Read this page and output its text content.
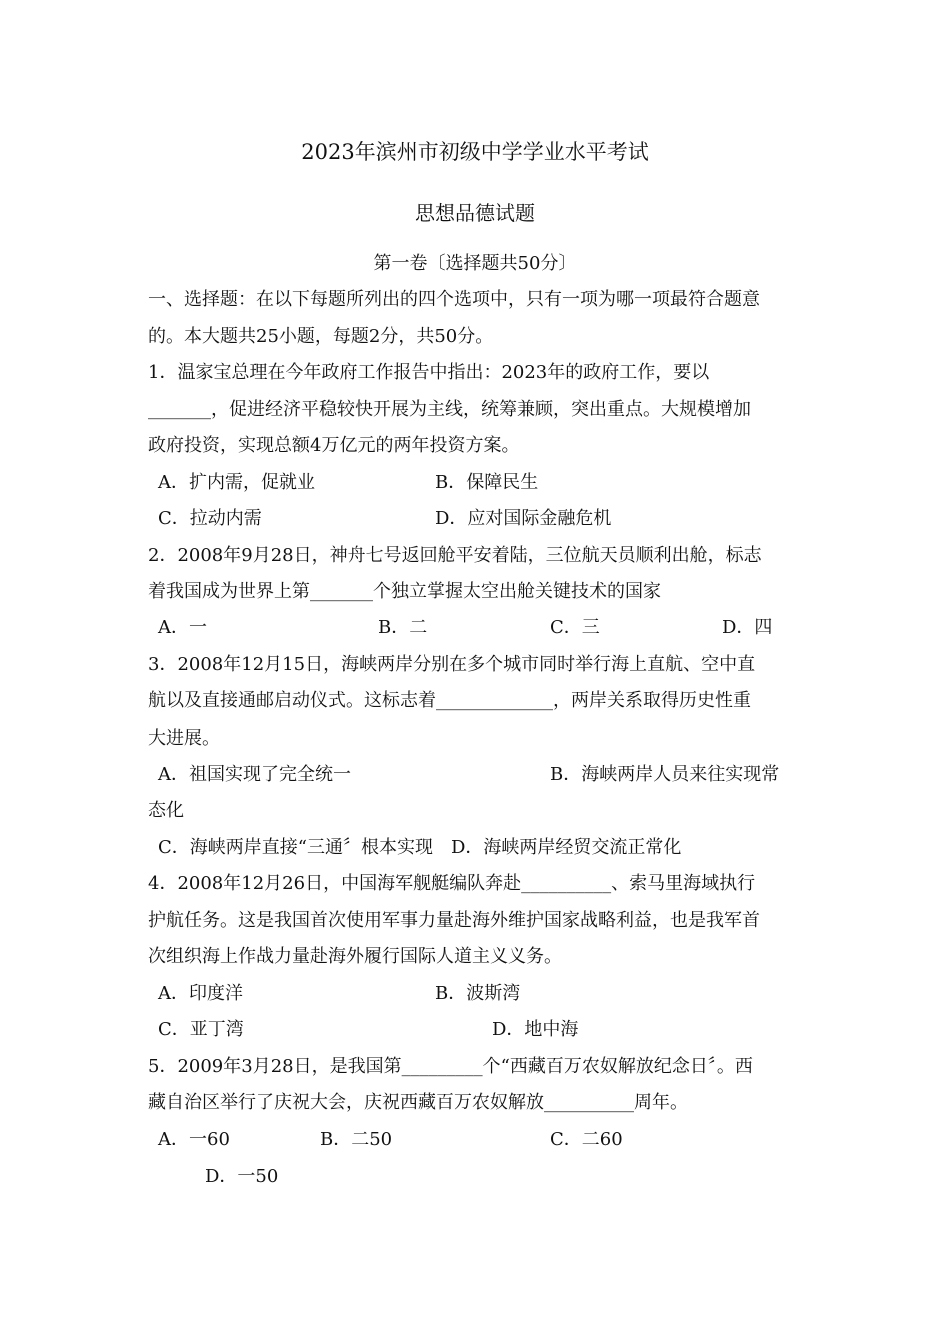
2023年滨州市初级中学学业水平考试
思想品德试题
第一卷〔选择题共50分〕
一、选择题：在以下每题所列出的四个选项中，只有一项为哪一项最符合题意
的。本大题共25小题，每题2分，共50分。
1．温家宝总理在今年政府工作报告中指出：2023年的政府工作，要以
_______，促进经济平稳较快开展为主线，统筹兼顾，突出重点。大规模增加
政府投资，实现总额4万亿元的两年投资方案。
A．扩内需，促就业	B．保障民生
C．拉动内需	D．应对国际金融危机
2．2008年9月28日，神舟七号返回舱平安着陆，三位航天员顺利出舱，标志
着我国成为世界上第_______个独立掌握太空出舱关键技术的国家
A．一	B．二	C．三	D．四
3．2008年12月15日，海峡两岸分别在多个城市同时举行海上直航、空中直
航以及直接通邮启动仪式。这标志着_____________，两岸关系取得历史性重
大进展。
A．祖国实现了完全统一	B．海峡两岸人员来往实现常
态化
C．海峡两岸直接“三通〞根本实现　D．海峡两岸经贸交流正常化
4．2008年12月26日，中国海军舰艇编队奔赴__________、索马里海域执行
护航任务。这是我国首次使用军事力量赴海外维护国家战略利益，也是我军首
次组织海上作战力量赴海外履行国际人道主义义务。
A．印度洋	B．波斯湾
C．亚丁湾	D．地中海
5．2009年3月28日，是我国第_________个“西藏百万农奴解放纪念日〞。西
藏自治区举行了庆祝大会，庆祝西藏百万农奴解放__________周年。
A．一60	B．二50	C．二60
D．一50
